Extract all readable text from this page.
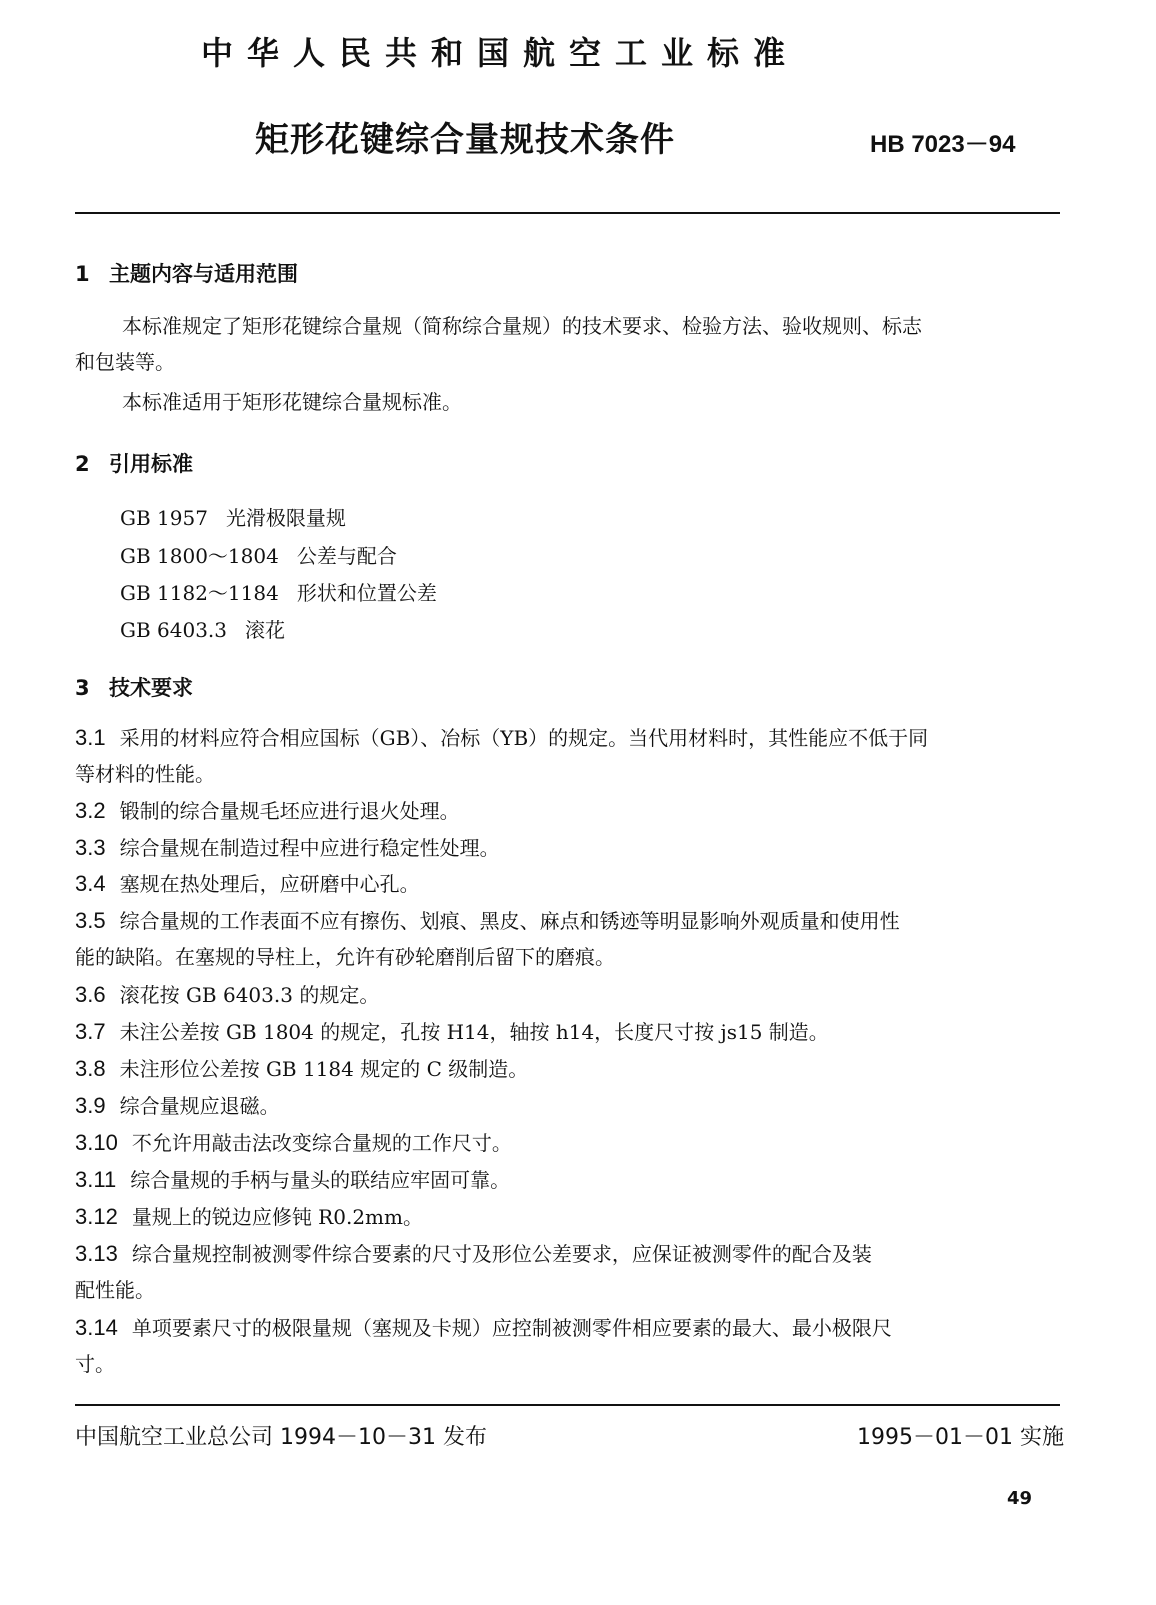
中华人民共和国航空工业标准
矩形花键综合量规技术条件	HB 7023－94
1 主题内容与适用范围
本标准规定了矩形花键综合量规（简称综合量规）的技术要求、检验方法、验收规则、标志
和包装等。
本标准适用于矩形花键综合量规标准。
2 引用标准
GB 1957 光滑极限量规
GB 1800～1804 公差与配合
GB 1182～1184 形状和位置公差
GB 6403.3 滚花
3 技术要求
3.1 采用的材料应符合相应国标（GB）、冶标（YB）的规定。当代用材料时，其性能应不低于同
等材料的性能。
3.2 锻制的综合量规毛坯应进行退火处理。
3.3 综合量规在制造过程中应进行稳定性处理。
3.4 塞规在热处理后，应研磨中心孔。
3.5 综合量规的工作表面不应有擦伤、划痕、黑皮、麻点和锈迹等明显影响外观质量和使用性
能的缺陷。在塞规的导柱上，允许有砂轮磨削后留下的磨痕。
3.6 滚花按 GB 6403.3 的规定。
3.7 未注公差按 GB 1804 的规定，孔按 H14，轴按 h14，长度尺寸按 js15 制造。
3.8 未注形位公差按 GB 1184 规定的 C 级制造。
3.9 综合量规应退磁。
3.10 不允许用敲击法改变综合量规的工作尺寸。
3.11 综合量规的手柄与量头的联结应牢固可靠。
3.12 量规上的锐边应修钝 R0.2mm。
3.13 综合量规控制被测零件综合要素的尺寸及形位公差要求，应保证被测零件的配合及装
配性能。
3.14 单项要素尺寸的极限量规（塞规及卡规）应控制被测零件相应要素的最大、最小极限尺
寸。
中国航空工业总公司 1994－10－31 发布	1995－01－01 实施
49
